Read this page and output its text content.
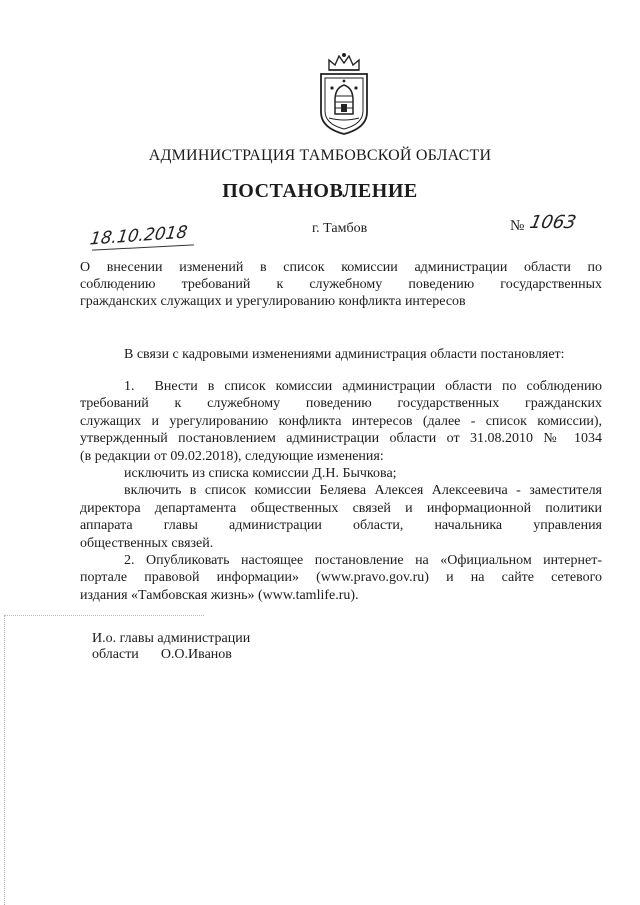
АДМИНИСТРАЦИЯ ТАМБОВСКОЙ ОБЛАСТИ
ПОСТАНОВЛЕНИЕ
18.10.2018	г. Тамбов	№ 1063
О внесении изменений в список комиссии администрации области по
соблюдению требований к служебному поведению государственных
гражданских служащих и урегулированию конфликта интересов
В связи с кадровыми изменениями администрация области постановляет:
1. Внести в список комиссии администрации области по соблюдению
требований к служебному поведению государственных гражданских
служащих и урегулированию конфликта интересов (далее - список комиссии),
утвержденный постановлением администрации области от 31.08.2010 № 1034
(в редакции от 09.02.2018), следующие изменения:
исключить из списка комиссии Д.Н. Бычкова;
включить в список комиссии Беляева Алексея Алексеевича - заместителя
директора департамента общественных связей и информационной политики
аппарата главы администрации области, начальника управления
общественных связей.
2. Опубликовать настоящее постановление на «Официальном интернет-
портале правовой информации» (www.pravo.gov.ru) и на сайте сетевого
издания «Тамбовская жизнь» (www.tamlife.ru).
И.о. главы администрации
области О.О.Иванов
